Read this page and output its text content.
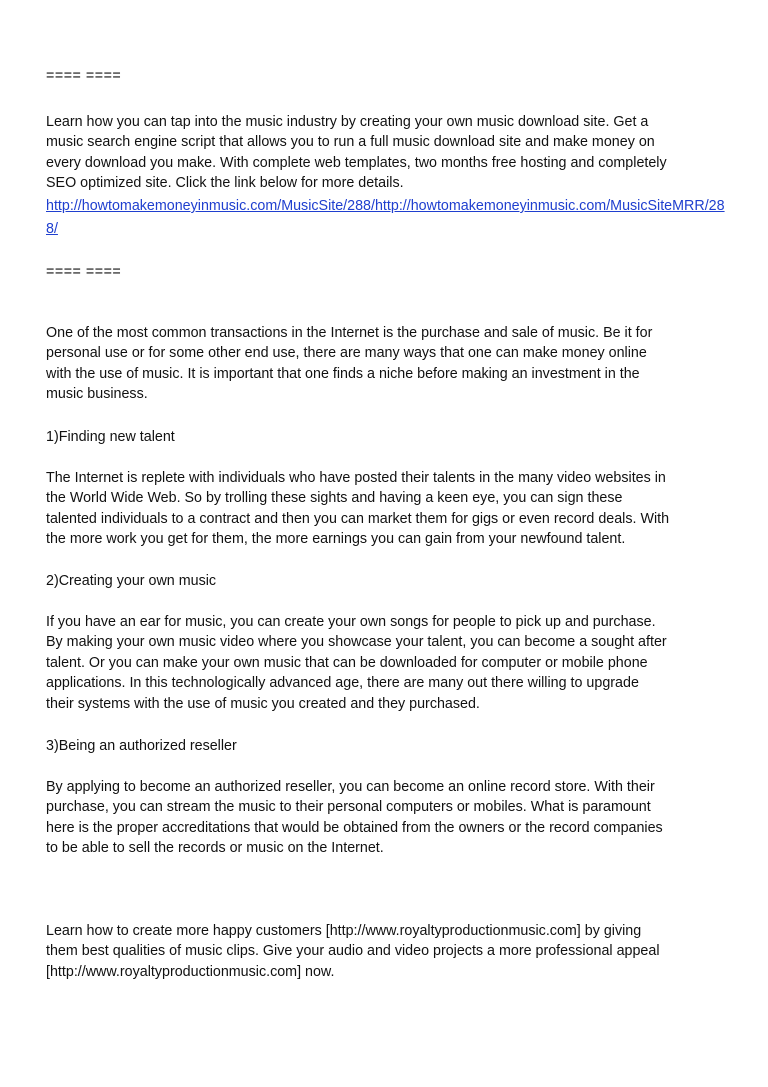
==== ====

Learn how you can tap into the music industry by creating your own music download site. Get a
music search engine script that allows you to run a full music download site and make money on
every download you make. With complete web templates, two months free hosting and completely
SEO optimized site. Click the link below for more details.

http://howtomakemoneyinmusic.com/MusicSite/288/http://howtomakemoneyinmusic.com/MusicSiteMRR/288/

==== ====

One of the most common transactions in the Internet is the purchase and sale of music. Be it for
personal use or for some other end use, there are many ways that one can make money online
with the use of music. It is important that one finds a niche before making an investment in the
music business.

1)Finding new talent

The Internet is replete with individuals who have posted their talents in the many video websites in
the World Wide Web. So by trolling these sights and having a keen eye, you can sign these
talented individuals to a contract and then you can market them for gigs or even record deals. With
the more work you get for them, the more earnings you can gain from your newfound talent.

2)Creating your own music

If you have an ear for music, you can create your own songs for people to pick up and purchase.
By making your own music video where you showcase your talent, you can become a sought after
talent. Or you can make your own music that can be downloaded for computer or mobile phone
applications. In this technologically advanced age, there are many out there willing to upgrade
their systems with the use of music you created and they purchased.

3)Being an authorized reseller

By applying to become an authorized reseller, you can become an online record store. With their
purchase, you can stream the music to their personal computers or mobiles. What is paramount
here is the proper accreditations that would be obtained from the owners or the record companies
to be able to sell the records or music on the Internet.

Learn how to create more happy customers [http://www.royaltyproductionmusic.com] by giving
them best qualities of music clips. Give your audio and video projects a more professional appeal
[http://www.royaltyproductionmusic.com] now.
